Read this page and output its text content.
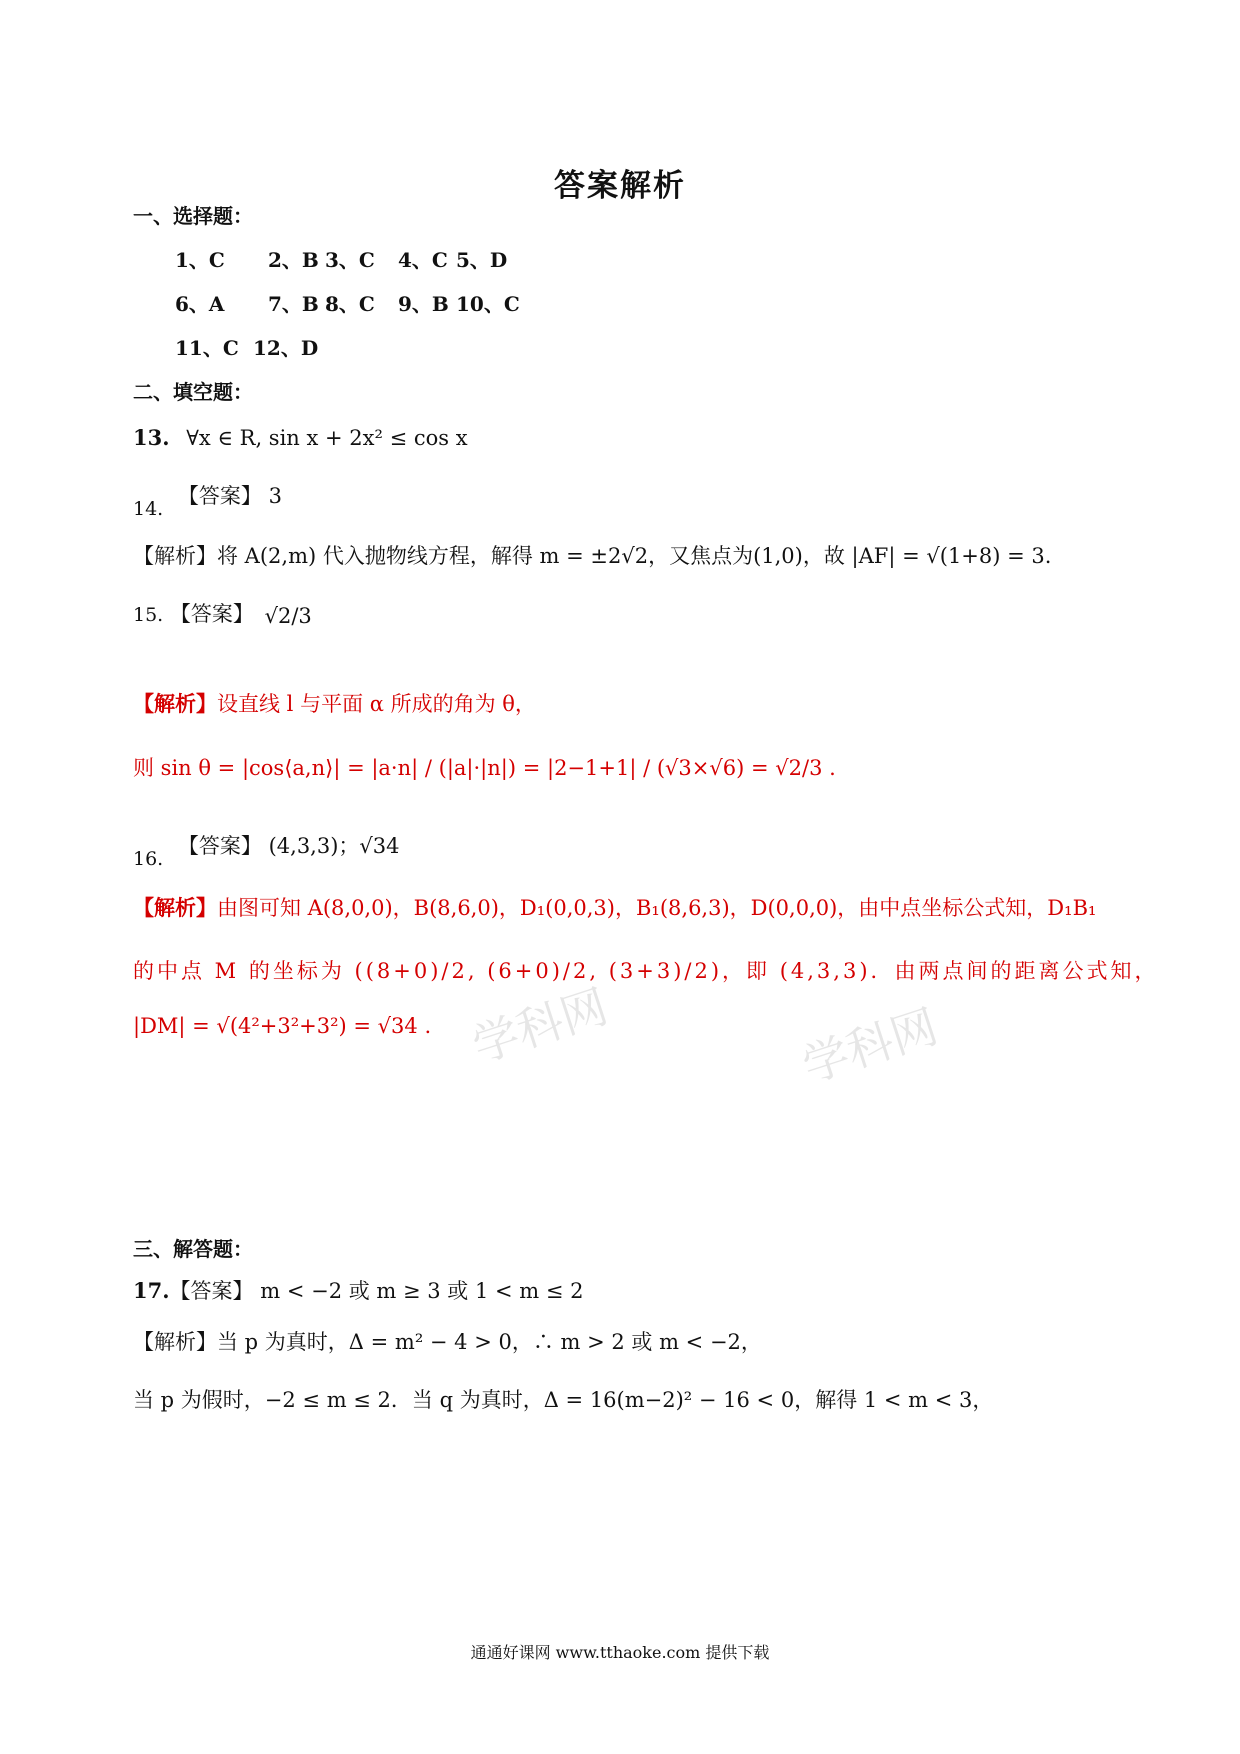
答案解析
学科网	学科网
一、选择题：
1、C 2、B 3、C 4、C 5、D
6、A 7、B 8、C 9、B 10、C
11、C 12、D
二、填空题：
13. ∀x ∈ R, sin x + 2x² ≤ cos x
14. 【答案】 3
【解析】将 A(2,m) 代入抛物线方程，解得 m = ±2√2，又焦点为(1,0)，故 |AF| = √(1+8) = 3.
15. 【答案】 √2/3
【解析】设直线 l 与平面 α 所成的角为 θ，
则 sin θ = |cos⟨a,n⟩| = |a·n| / (|a|·|n|) = |2−1+1| / (√3×√6) = √2/3 .
16. 【答案】 (4,3,3)；√34
【解析】由图可知 A(8,0,0)，B(8,6,0)，D₁(0,0,3)，B₁(8,6,3)，D(0,0,0)，由中点坐标公式知，D₁B₁
的中点 M 的坐标为 ((8+0)/2, (6+0)/2, (3+3)/2)，即 (4,3,3)．由两点间的距离公式知，
|DM| = √(4²+3²+3²) = √34 .
三、解答题：
17.【答案】 m < −2 或 m ≥ 3 或 1 < m ≤ 2
【解析】当 p 为真时，Δ = m² − 4 > 0，∴ m > 2 或 m < −2，
当 p 为假时，−2 ≤ m ≤ 2．当 q 为真时，Δ = 16(m−2)² − 16 < 0，解得 1 < m < 3，
通通好课网 www.tthaoke.com 提供下载
